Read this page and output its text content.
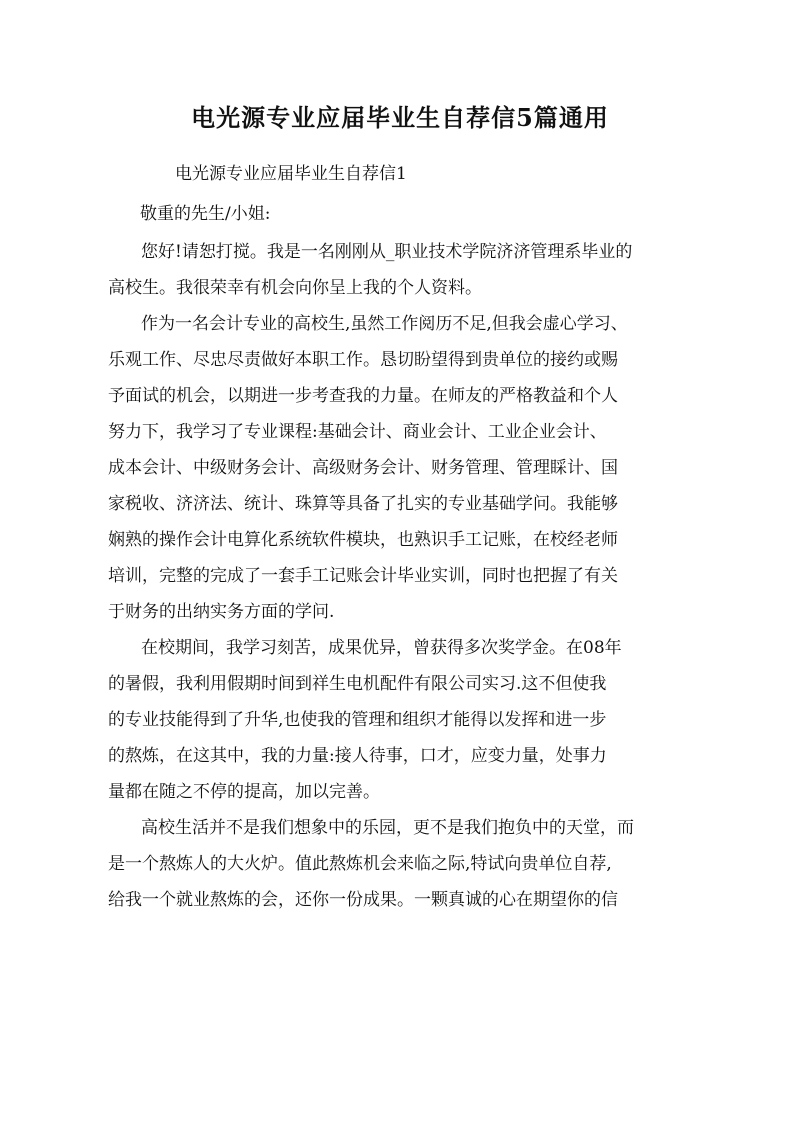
电光源专业应届毕业生自荐信5篇通用
电光源专业应届毕业生自荐信1
敬重的先生/小姐:
您好!请恕打搅。我是一名刚刚从_职业技术学院济济管理系毕业的
高校生。我很荣幸有机会向你呈上我的个人资料。
作为一名会计专业的高校生,虽然工作阅历不足,但我会虚心学习、
乐观工作、尽忠尽责做好本职工作。恳切盼望得到贵单位的接约或赐
予面试的机会，以期进一步考查我的力量。在师友的严格教益和个人
努力下，我学习了专业课程:基础会计、商业会计、工业企业会计、
成本会计、中级财务会计、高级财务会计、财务管理、管理睬计、国
家税收、济济法、统计、珠算等具备了扎实的专业基础学问。我能够
娴熟的操作会计电算化系统软件模块，也熟识手工记账，在校经老师
培训，完整的完成了一套手工记账会计毕业实训，同时也把握了有关
于财务的出纳实务方面的学问.
在校期间，我学习刻苦，成果优异，曾获得多次奖学金。在08年
的暑假，我利用假期时间到祥生电机配件有限公司实习.这不但使我
的专业技能得到了升华,也使我的管理和组织才能得以发挥和进一步
的熬炼，在这其中，我的力量:接人待事，口才，应变力量，处事力
量都在随之不停的提高，加以完善。
高校生活并不是我们想象中的乐园，更不是我们抱负中的天堂，而
是一个熬炼人的大火炉。值此熬炼机会来临之际,特试向贵单位自荐,
给我一个就业熬炼的会，还你一份成果。一颗真诚的心在期望你的信
